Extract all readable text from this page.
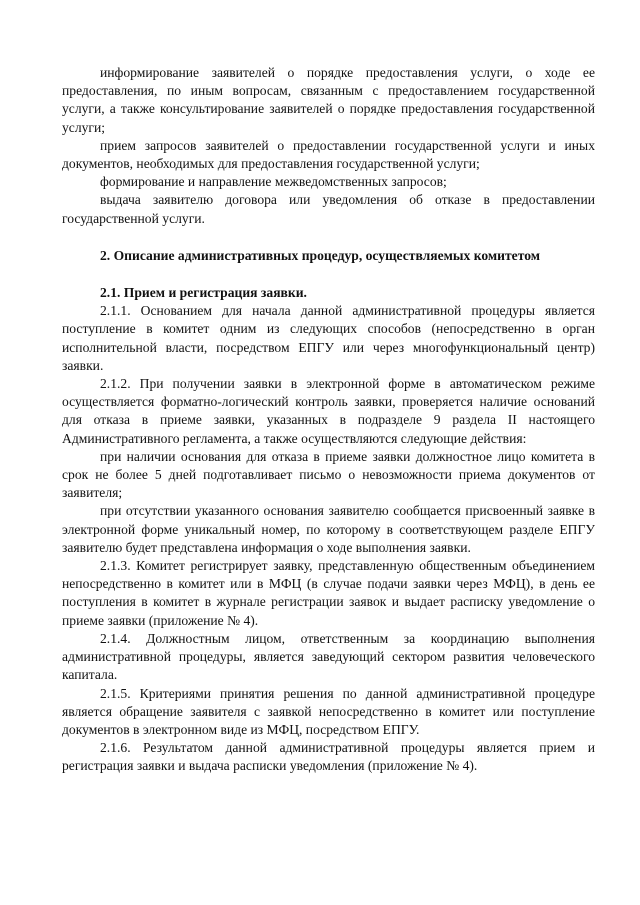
информирование заявителей о порядке предоставления услуги, о ходе ее предоставления, по иным вопросам, связанным с предоставлением государственной услуги, а также консультирование заявителей о порядке предоставления государственной услуги;

прием запросов заявителей о предоставлении государственной услуги и иных документов, необходимых для предоставления государственной услуги;

формирование и направление межведомственных запросов;

выдача заявителю договора или уведомления об отказе в предоставлении государственной услуги.

2. Описание административных процедур, осуществляемых комитетом

2.1. Прием и регистрация заявки.

2.1.1. Основанием для начала данной административной процедуры является поступление в комитет одним из следующих способов (непосредственно в орган исполнительной власти, посредством ЕПГУ или через многофункциональный центр) заявки.

2.1.2. При получении заявки в электронной форме в автоматическом режиме осуществляется форматно-логический контроль заявки, проверяется наличие оснований для отказа в приеме заявки, указанных в подразделе 9 раздела II настоящего Административного регламента, а также осуществляются следующие действия:

при наличии основания для отказа в приеме заявки должностное лицо комитета в срок не более 5 дней подготавливает письмо о невозможности приема документов от заявителя;

при отсутствии указанного основания заявителю сообщается присвоенный заявке в электронной форме уникальный номер, по которому в соответствующем разделе ЕПГУ заявителю будет представлена информация о ходе выполнения заявки.

2.1.3. Комитет регистрирует заявку, представленную общественным объединением непосредственно в комитет или в МФЦ (в случае подачи заявки через МФЦ), в день ее поступления в комитет в журнале регистрации заявок и выдает расписку уведомление о приеме заявки (приложение № 4).

2.1.4. Должностным лицом, ответственным за координацию выполнения административной процедуры, является заведующий сектором развития человеческого капитала.

2.1.5. Критериями принятия решения по данной административной процедуре является обращение заявителя с заявкой непосредственно в комитет или поступление документов в электронном виде из МФЦ, посредством ЕПГУ.

2.1.6. Результатом данной административной процедуры является прием и регистрация заявки и выдача расписки уведомления (приложение № 4).
